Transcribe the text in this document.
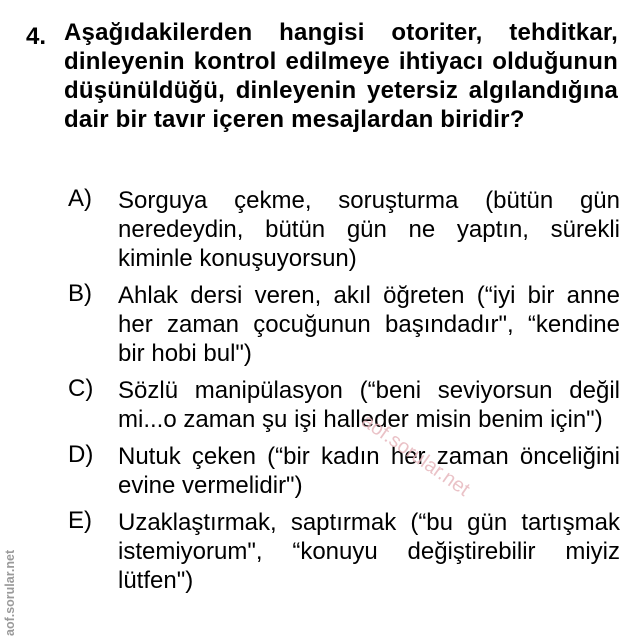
4. Aşağıdakilerden hangisi otoriter, tehditkar, dinleyenin kontrol edilmeye ihtiyacı olduğunun düşünüldüğü, dinleyenin yetersiz algılandığına dair bir tavır içeren mesajlardan biridir?
A)	Sorguya çekme, soruşturma (bütün gün neredeydin, bütün gün ne yaptın, sürekli kiminle konuşuyorsun)
B)	Ahlak dersi veren, akıl öğreten (“iyi bir anne her zaman çocuğunun başındadır", “kendine bir hobi bul")
C)	Sözlü manipülasyon (“beni seviyorsun değil mi...o zaman şu işi halleder misin benim için")
D)	Nutuk çeken (“bir kadın her zaman önceliğini evine vermelidir")
E)	Uzaklaştırmak, saptırmak (“bu gün tartışmak istemiyorum", “konuyu değiştirebilir miyiz lütfen")
aof.sorular.net
aof.sorular.net
